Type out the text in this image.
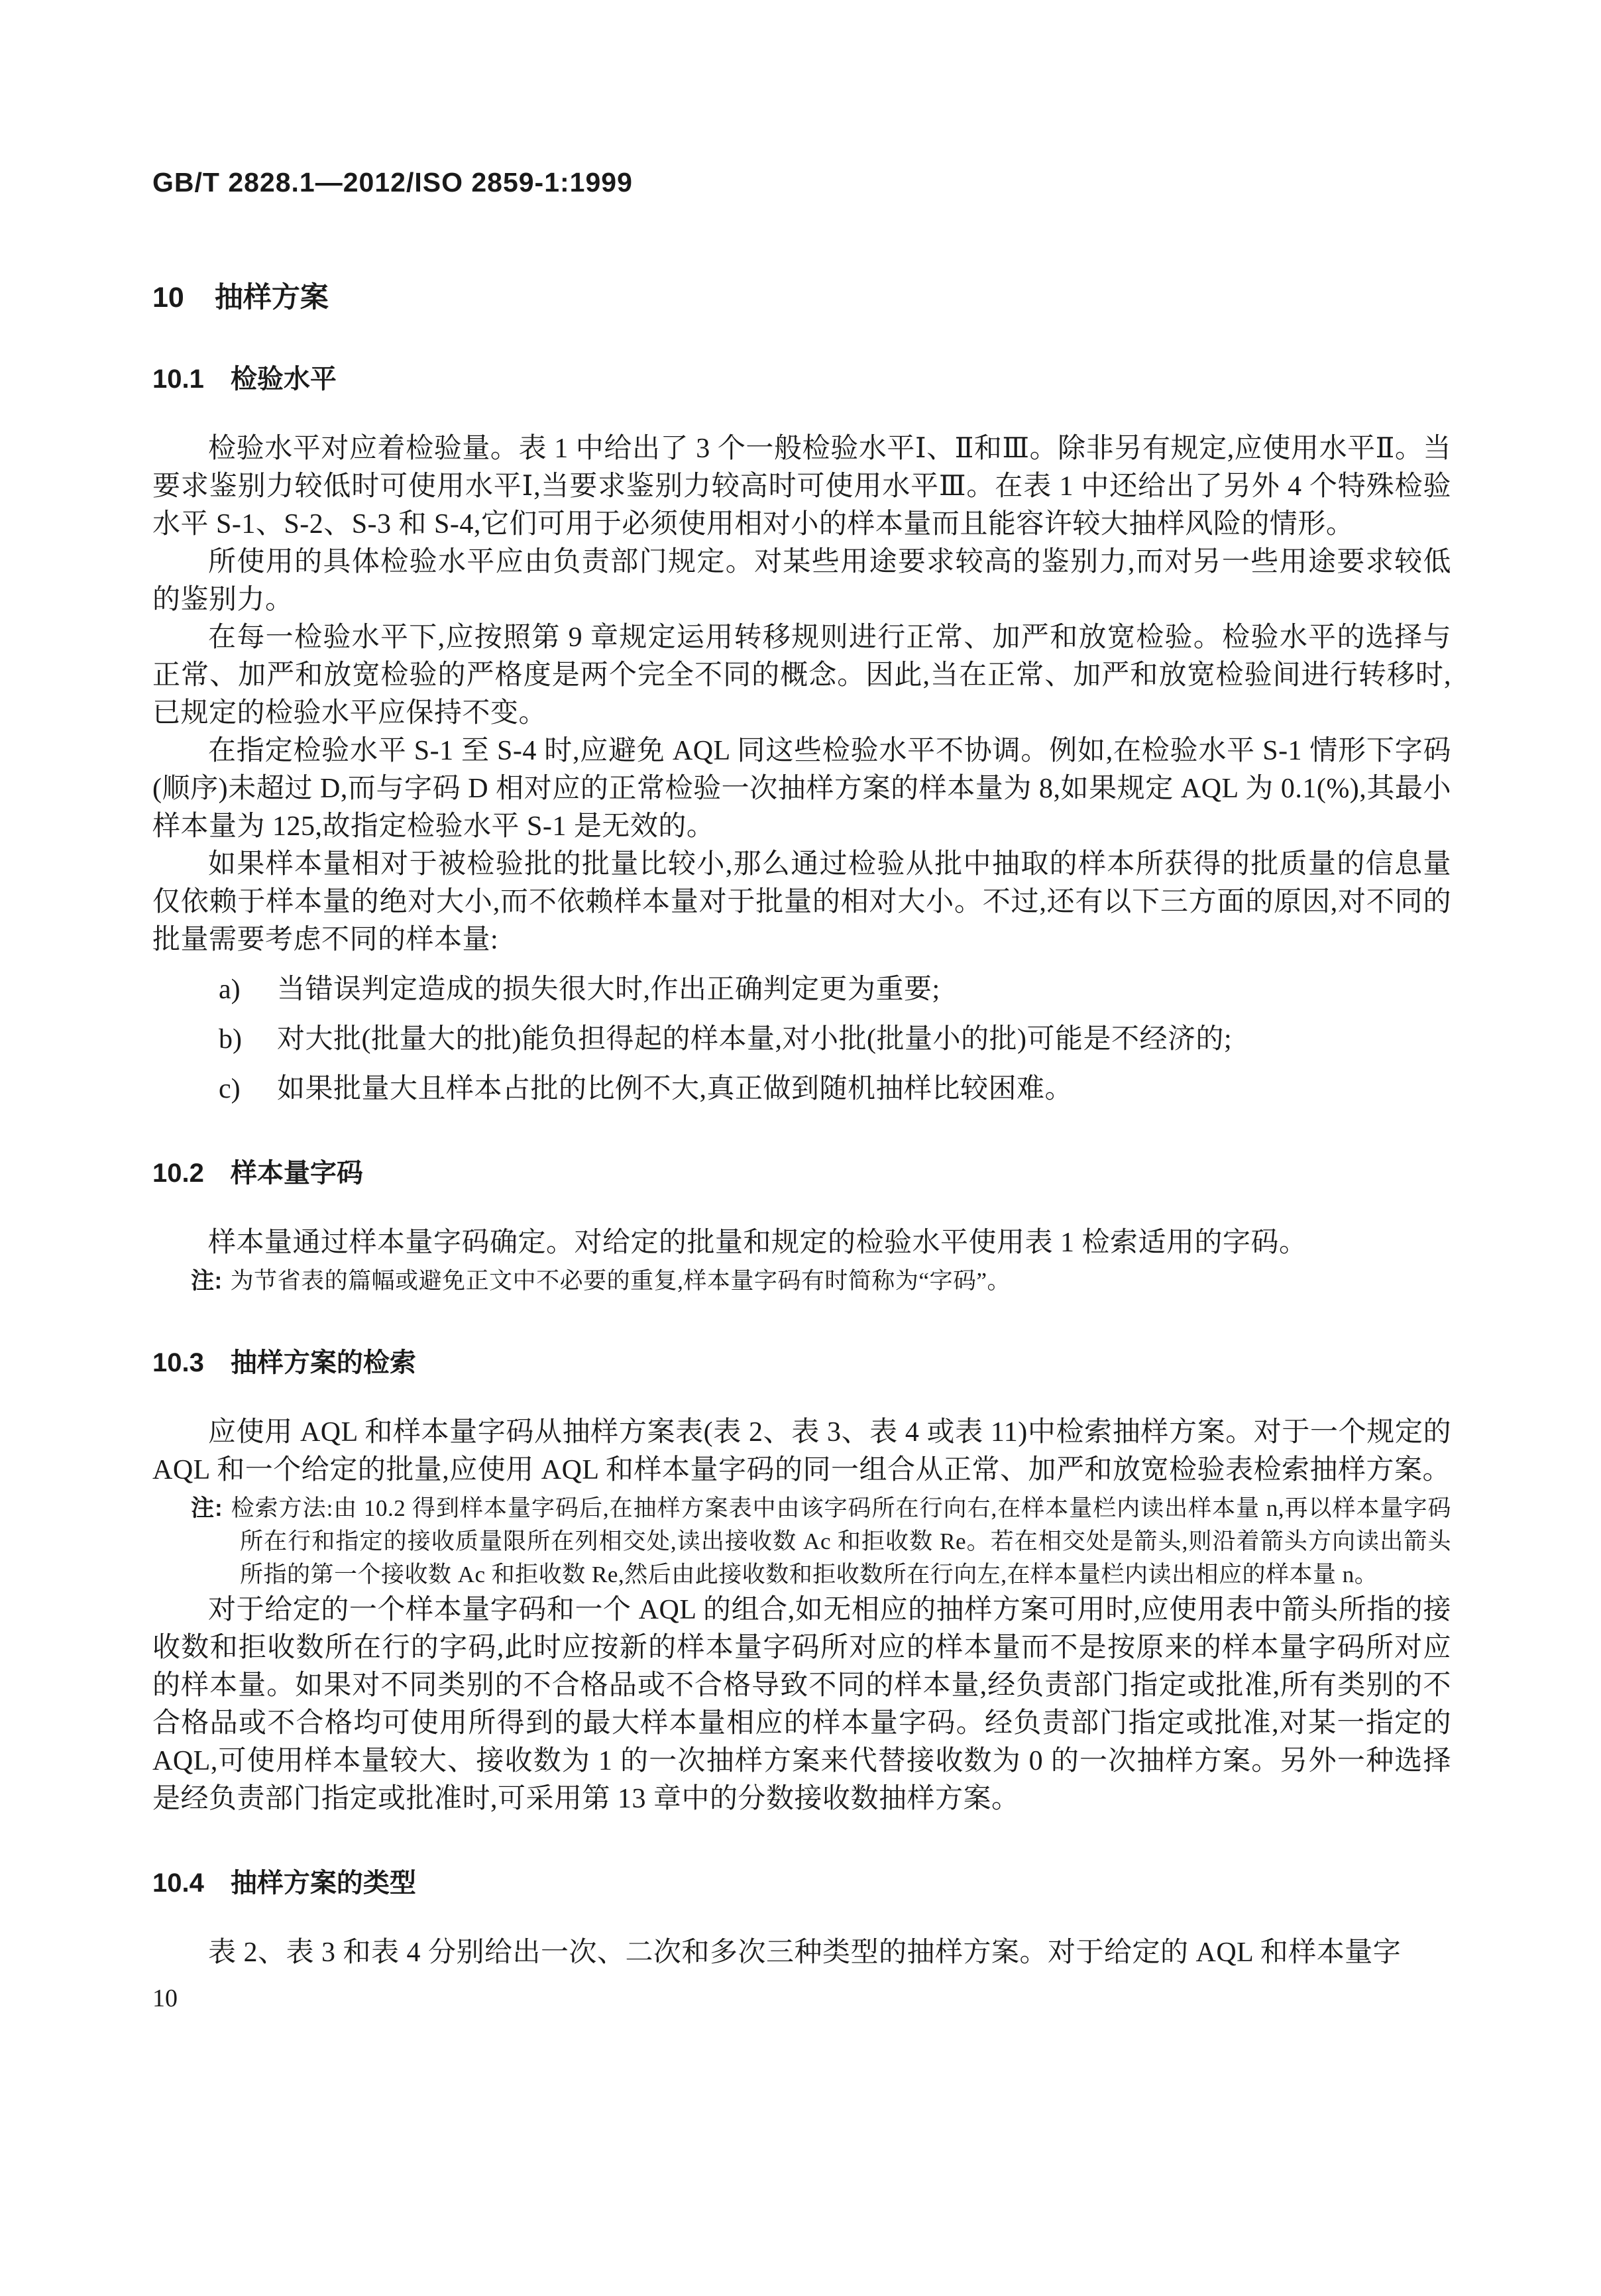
GB/T 2828.1—2012/ISO 2859-1:1999
10 抽样方案
10.1 检验水平

检验水平对应着检验量。表 1 中给出了 3 个一般检验水平Ⅰ、Ⅱ和Ⅲ。除非另有规定,应使用水平Ⅱ。当要求鉴别力较低时可使用水平Ⅰ,当要求鉴别力较高时可使用水平Ⅲ。在表 1 中还给出了另外 4 个特殊检验水平 S-1、S-2、S-3 和 S-4,它们可用于必须使用相对小的样本量而且能容许较大抽样风险的情形。

所使用的具体检验水平应由负责部门规定。对某些用途要求较高的鉴别力,而对另一些用途要求较低的鉴别力。

在每一检验水平下,应按照第 9 章规定运用转移规则进行正常、加严和放宽检验。检验水平的选择与正常、加严和放宽检验的严格度是两个完全不同的概念。因此,当在正常、加严和放宽检验间进行转移时,已规定的检验水平应保持不变。

在指定检验水平 S-1 至 S-4 时,应避免 AQL 同这些检验水平不协调。例如,在检验水平 S-1 情形下字码(顺序)未超过 D,而与字码 D 相对应的正常检验一次抽样方案的样本量为 8,如果规定 AQL 为 0.1(%),其最小样本量为 125,故指定检验水平 S-1 是无效的。

如果样本量相对于被检验批的批量比较小,那么通过检验从批中抽取的样本所获得的批质量的信息量仅依赖于样本量的绝对大小,而不依赖样本量对于批量的相对大小。不过,还有以下三方面的原因,对不同的批量需要考虑不同的样本量:

a)	当错误判定造成的损失很大时,作出正确判定更为重要;
b)	对大批(批量大的批)能负担得起的样本量,对小批(批量小的批)可能是不经济的;
c)	如果批量大且样本占批的比例不大,真正做到随机抽样比较困难。
10.2 样本量字码

样本量通过样本量字码确定。对给定的批量和规定的检验水平使用表 1 检索适用的字码。

注: 为节省表的篇幅或避免正文中不必要的重复,样本量字码有时简称为“字码”。
10.3 抽样方案的检索

应使用 AQL 和样本量字码从抽样方案表(表 2、表 3、表 4 或表 11)中检索抽样方案。对于一个规定的 AQL 和一个给定的批量,应使用 AQL 和样本量字码的同一组合从正常、加严和放宽检验表检索抽样方案。

注: 检索方法:由 10.2 得到样本量字码后,在抽样方案表中由该字码所在行向右,在样本量栏内读出样本量 n,再以样本量字码所在行和指定的接收质量限所在列相交处,读出接收数 Ac 和拒收数 Re。若在相交处是箭头,则沿着箭头方向读出箭头所指的第一个接收数 Ac 和拒收数 Re,然后由此接收数和拒收数所在行向左,在样本量栏内读出相应的样本量 n。

对于给定的一个样本量字码和一个 AQL 的组合,如无相应的抽样方案可用时,应使用表中箭头所指的接收数和拒收数所在行的字码,此时应按新的样本量字码所对应的样本量而不是按原来的样本量字码所对应的样本量。如果对不同类别的不合格品或不合格导致不同的样本量,经负责部门指定或批准,所有类别的不合格品或不合格均可使用所得到的最大样本量相应的样本量字码。经负责部门指定或批准,对某一指定的 AQL,可使用样本量较大、接收数为 1 的一次抽样方案来代替接收数为 0 的一次抽样方案。另外一种选择是经负责部门指定或批准时,可采用第 13 章中的分数接收数抽样方案。

10.4 抽样方案的类型

表 2、表 3 和表 4 分别给出一次、二次和多次三种类型的抽样方案。对于给定的 AQL 和样本量字

10
